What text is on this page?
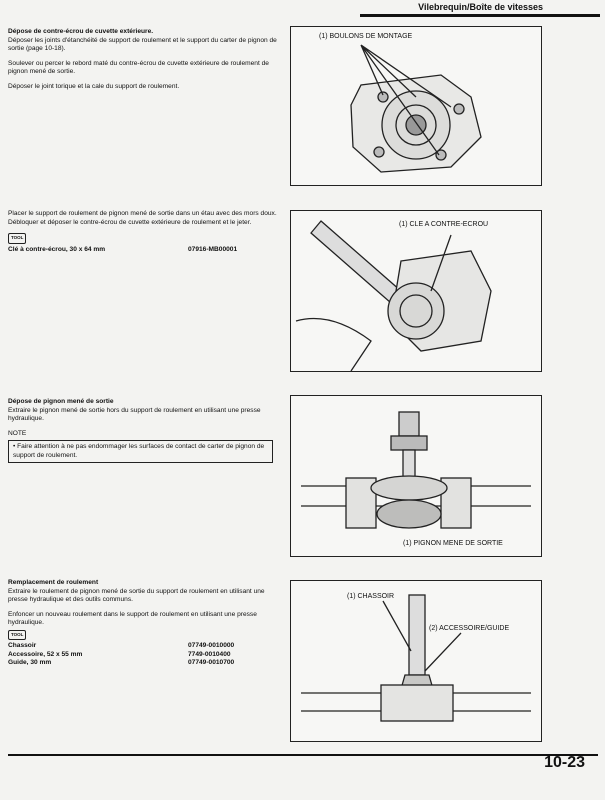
Vilebrequin/Boîte de vitesses
Dépose de contre-écrou de cuvette extérieure.

Déposer les joints d'étanchéité de support de roulement et le support du carter de pignon de sortie (page 10-18).

Soulever ou percer le rebord maté du contre-écrou de cuvette extérieure de roulement de pignon mené de sortie.

Déposer le joint torique et la cale du support de roulement.

(1) BOULONS DE MONTAGE

Placer le support de roulement de pignon mené de sortie dans un étau avec des mors doux.

Débloquer et déposer le contre-écrou de cuvette extérieure de roulement et le jeter.

TOOL
Clé à contre-écrou, 30 x 64 mm	07916-MB00001
(1) CLE A CONTRE-ECROU
Dépose de pignon mené de sortie

Extraire le pignon mené de sortie hors du support de roulement en utilisant une presse hydraulique.

NOTE
• Faire attention à ne pas endommager les surfaces de contact de carter de pignon de support de roulement.
(1) PIGNON MENE DE SORTIE
Remplacement de roulement

Extraire le roulement de pignon mené de sortie du support de roulement en utilisant une presse hydraulique et des outils communs.

Enfoncer un nouveau roulement dans le support de roulement en utilisant une presse hydraulique.

TOOL
Chassoir	07749-0010000
Accessoire, 52 x 55 mm	7749-0010400
Guide, 30 mm	07749-0010700
(1) CHASSOIR
(2) ACCESSOIRE/GUIDE
10-23
